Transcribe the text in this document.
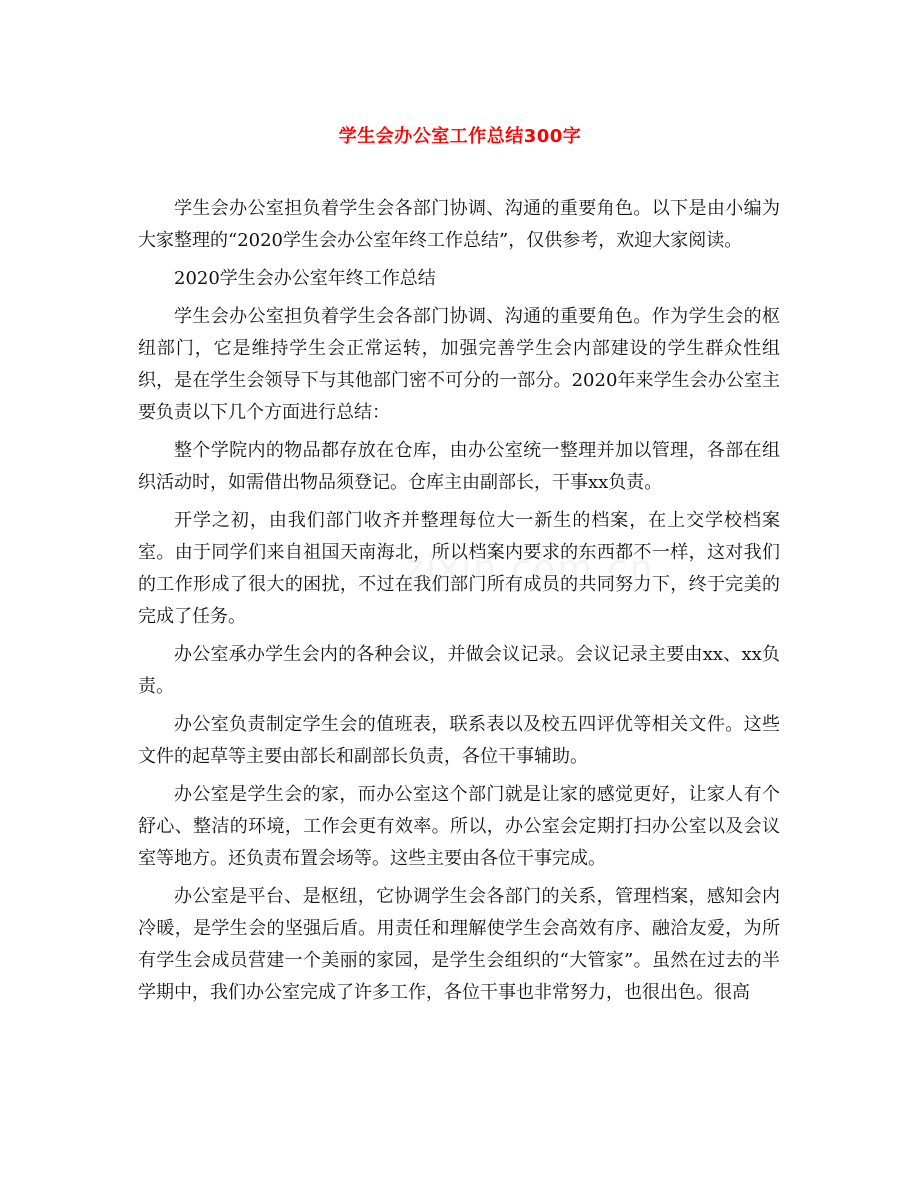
学生会办公室工作总结300字

学生会办公室担负着学生会各部门协调、沟通的重要角色。以下是由小编为大家整理的“2020学生会办公室年终工作总结”，仅供参考，欢迎大家阅读。

2020学生会办公室年终工作总结

学生会办公室担负着学生会各部门协调、沟通的重要角色。作为学生会的枢纽部门，它是维持学生会正常运转，加强完善学生会内部建设的学生群众性组织，是在学生会领导下与其他部门密不可分的一部分。2020年来学生会办公室主要负责以下几个方面进行总结：

整个学院内的物品都存放在仓库，由办公室统一整理并加以管理，各部在组织活动时，如需借出物品须登记。仓库主由副部长，干事xx负责。

开学之初，由我们部门收齐并整理每位大一新生的档案，在上交学校档案室。由于同学们来自祖国天南海北，所以档案内要求的东西都不一样，这对我们的工作形成了很大的困扰，不过在我们部门所有成员的共同努力下，终于完美的完成了任务。

办公室承办学生会内的各种会议，并做会议记录。会议记录主要由xx、xx负责。

办公室负责制定学生会的值班表，联系表以及校五四评优等相关文件。这些文件的起草等主要由部长和副部长负责，各位干事辅助。

办公室是学生会的家，而办公室这个部门就是让家的感觉更好，让家人有个舒心、整洁的环境，工作会更有效率。所以，办公室会定期打扫办公室以及会议室等地方。还负责布置会场等。这些主要由各位干事完成。

办公室是平台、是枢纽，它协调学生会各部门的关系，管理档案，感知会内冷暖，是学生会的坚强后盾。用责任和理解使学生会高效有序、融洽友爱，为所有学生会成员营建一个美丽的家园，是学生会组织的“大管家”。虽然在过去的半学期中，我们办公室完成了许多工作，各位干事也非常努力，也很出色。很高
